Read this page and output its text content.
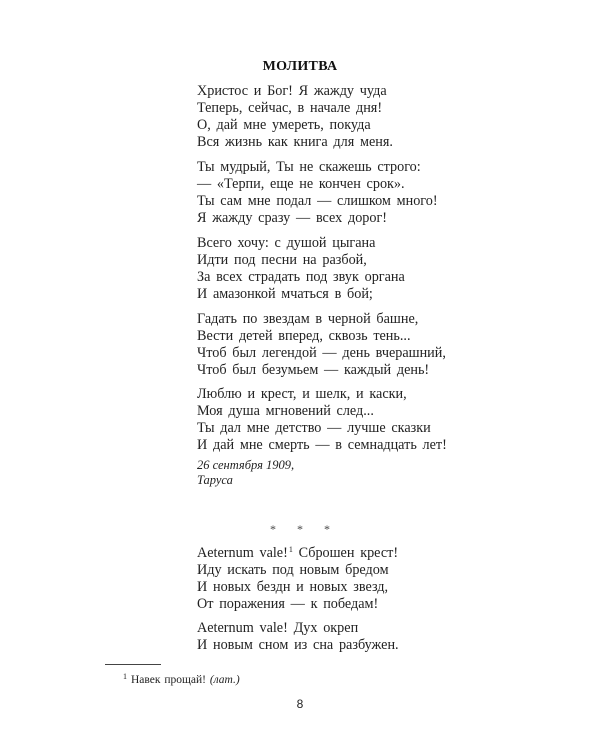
МОЛИТВА
Христос и Бог! Я жажду чуда
Теперь, сейчас, в начале дня!
О, дай мне умереть, покуда
Вся жизнь как книга для меня.
Ты мудрый, Ты не скажешь строго:
— «Терпи, еще не кончен срок».
Ты сам мне подал — слишком много!
Я жажду сразу — всех дорог!
Всего хочу: с душой цыгана
Идти под песни на разбой,
За всех страдать под звук органа
И амазонкой мчаться в бой;
Гадать по звездам в черной башне,
Вести детей вперед, сквозь тень...
Чтоб был легендой — день вчерашний,
Чтоб был безумьем — каждый день!
Люблю и крест, и шелк, и каски,
Моя душа мгновений след...
Ты дал мне детство — лучше сказки
И дай мне смерть — в семнадцать лет!
26 сентября 1909,
Таруса
* * *
Aeternum vale!$^1$ Сброшен крест!
Иду искать под новым бредом
И новых бездн и новых звезд,
От поражения — к победам!
Aeternum vale! Дух окреп
И новым сном из сна разбужен.
$^1$ Навек прощай! (лат.)
8
